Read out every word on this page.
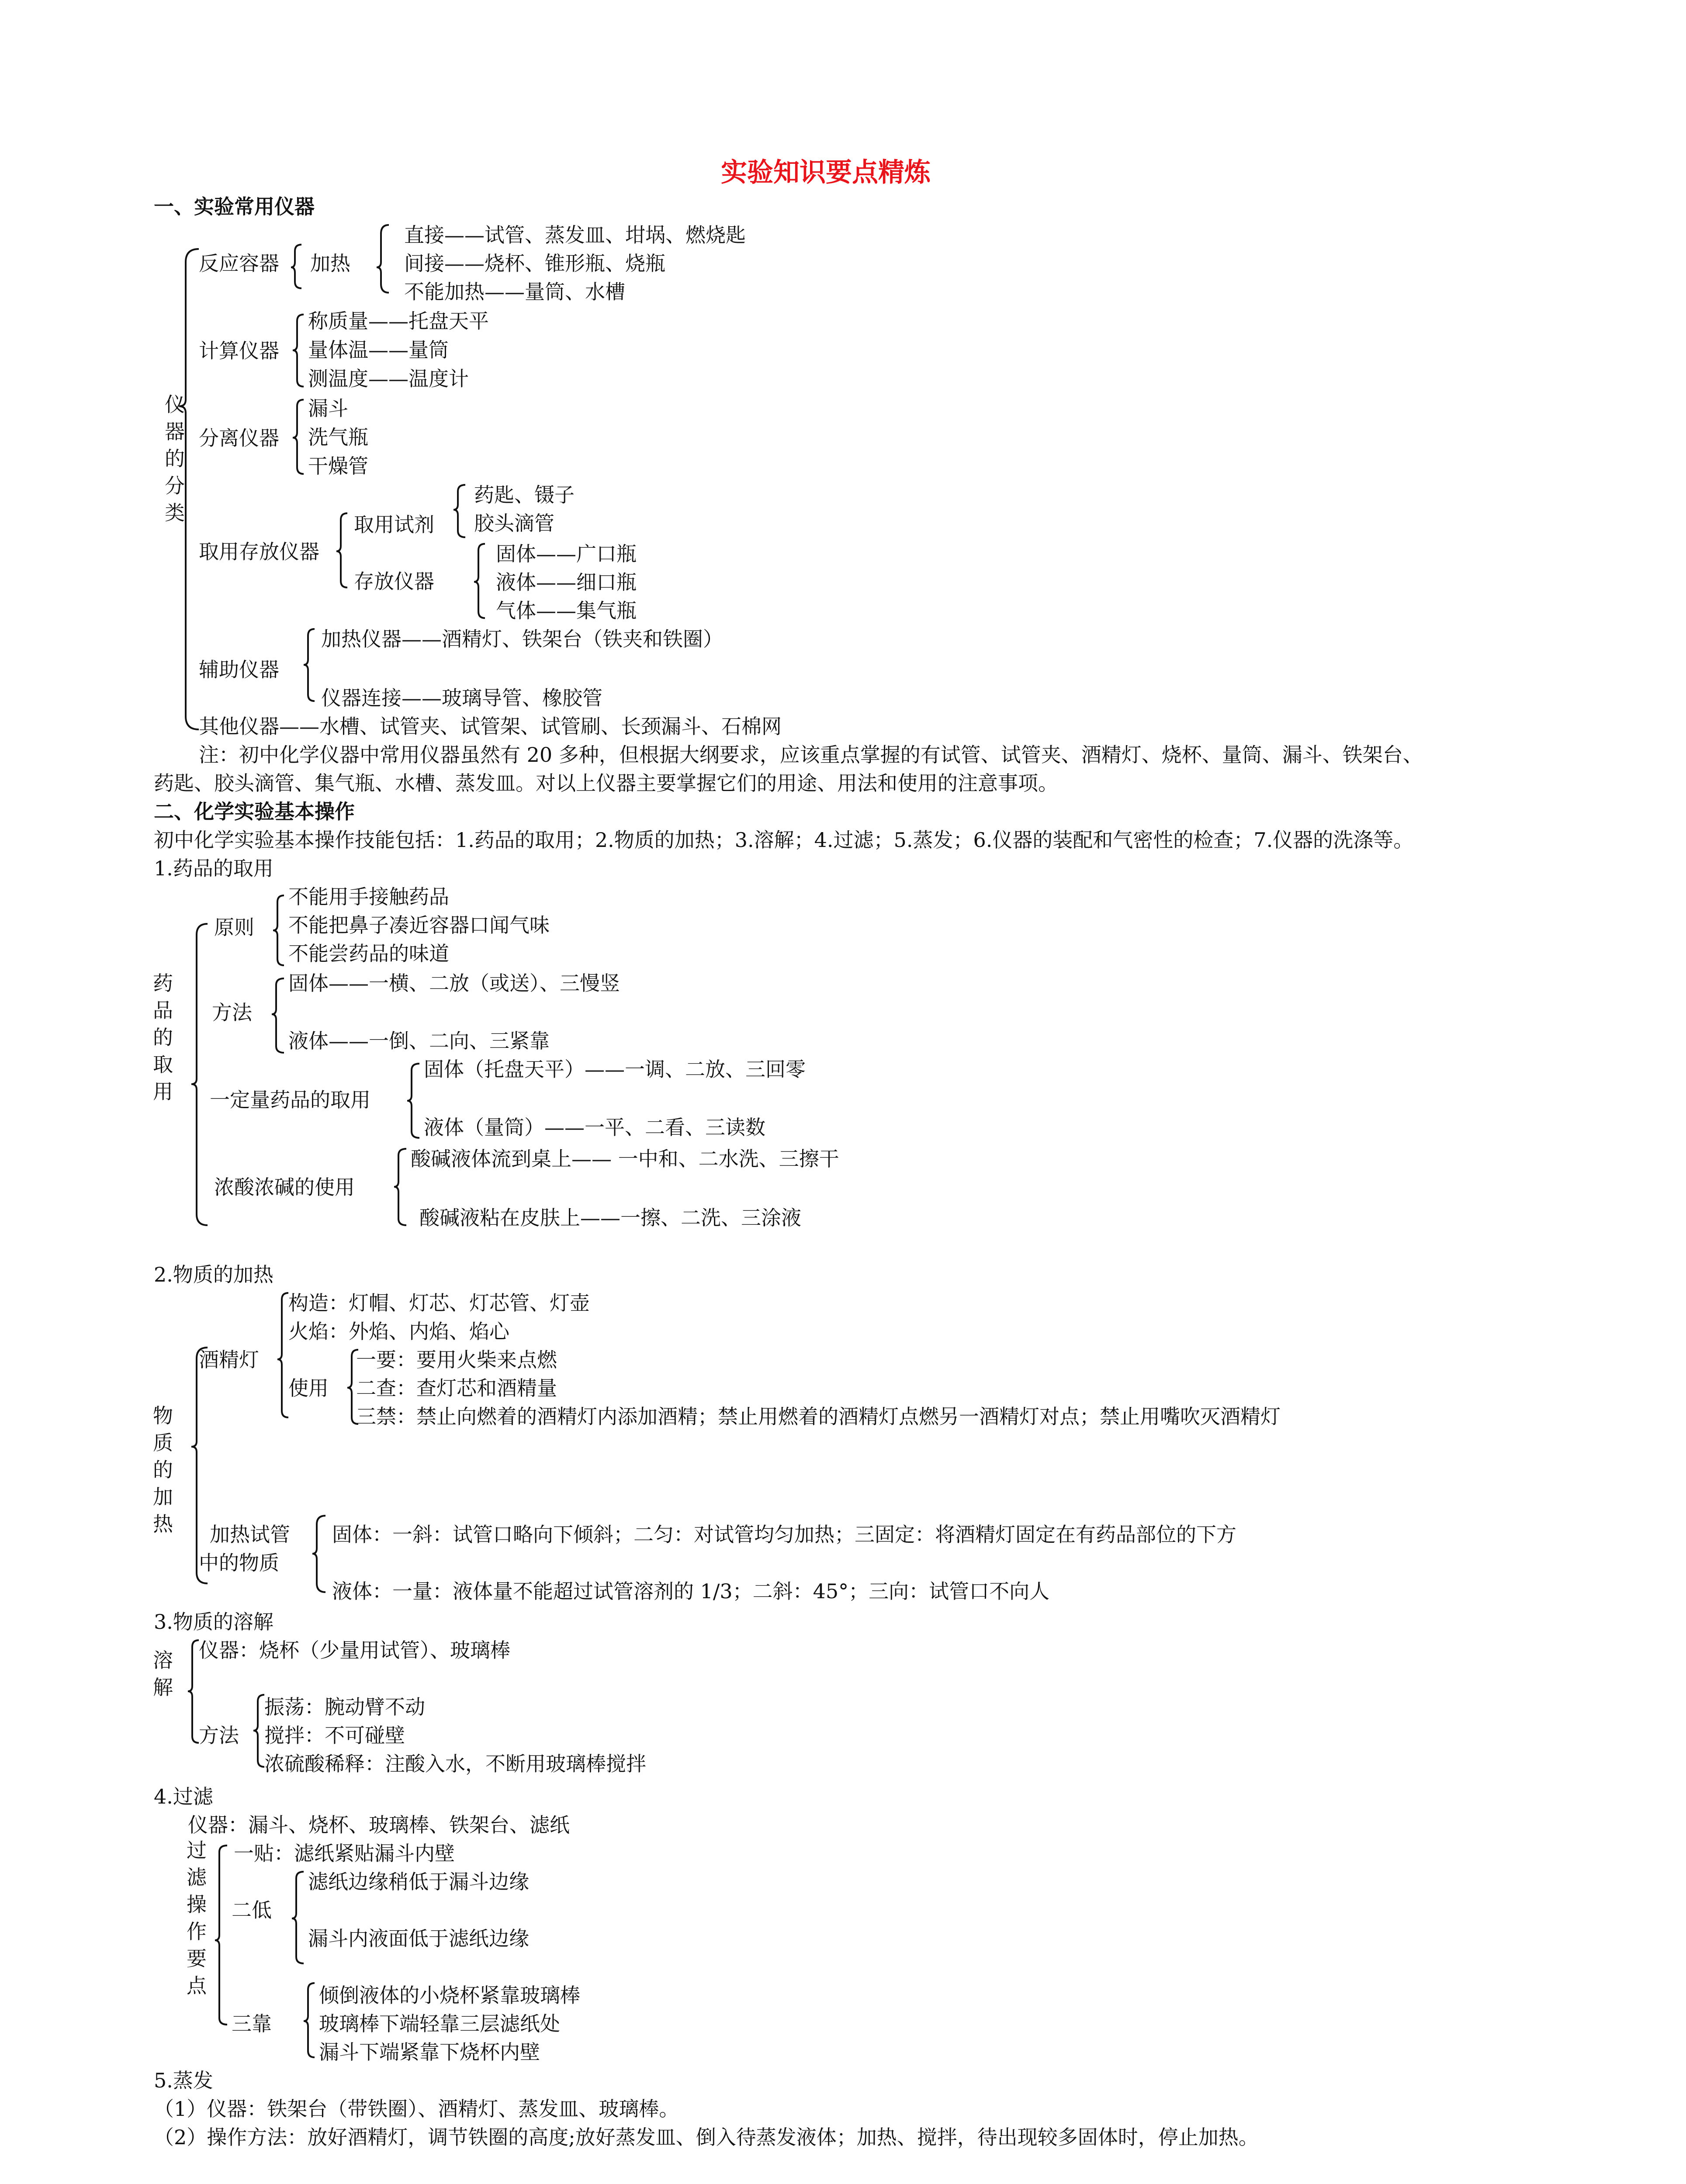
实验知识要点精炼
一、实验常用仪器
仪器的分类
反应容器 加热
直接——试管、蒸发皿、坩埚、燃烧匙
间接——烧杯、锥形瓶、烧瓶
不能加热——量筒、水槽
计算仪器
称质量——托盘天平
量体温——量筒
测温度——温度计
分离仪器
漏斗
洗气瓶
干燥管
取用存放仪器
取用试剂
药匙、镊子
胶头滴管
存放仪器
固体——广口瓶
液体——细口瓶
气体——集气瓶
辅助仪器
加热仪器——酒精灯、铁架台（铁夹和铁圈）
仪器连接——玻璃导管、橡胶管
其他仪器——水槽、试管夹、试管架、试管刷、长颈漏斗、石棉网
注：初中化学仪器中常用仪器虽然有 20 多种，但根据大纲要求，应该重点掌握的有试管、试管夹、酒精灯、烧杯、量筒、漏斗、铁架台、
药匙、胶头滴管、集气瓶、水槽、蒸发皿。对以上仪器主要掌握它们的用途、用法和使用的注意事项。
二、化学实验基本操作
初中化学实验基本操作技能包括：1.药品的取用；2.物质的加热；3.溶解；4.过滤；5.蒸发；6.仪器的装配和气密性的检查；7.仪器的洗涤等。
1.药品的取用
药品的取用
原则
不能用手接触药品
不能把鼻子凑近容器口闻气味
不能尝药品的味道
方法
固体——一横、二放（或送）、三慢竖
液体——一倒、二向、三紧靠
一定量药品的取用
固体（托盘天平）——一调、二放、三回零
液体（量筒）——一平、二看、三读数
浓酸浓碱的使用
酸碱液体流到桌上—— 一中和、二水洗、三擦干
酸碱液粘在皮肤上——一擦、二洗、三涂液
2.物质的加热
物质的加热
酒精灯
构造：灯帽、灯芯、灯芯管、灯壶
火焰：外焰、内焰、焰心
使用
一要：要用火柴来点燃
二查：查灯芯和酒精量
三禁：禁止向燃着的酒精灯内添加酒精；禁止用燃着的酒精灯点燃另一酒精灯对点；禁止用嘴吹灭酒精灯
加热试管
中的物质
固体：一斜：试管口略向下倾斜；二匀：对试管均匀加热；三固定：将酒精灯固定在有药品部位的下方
液体：一量：液体量不能超过试管溶剂的 1/3；二斜：45°；三向：试管口不向人
3.物质的溶解
溶解
仪器：烧杯（少量用试管）、玻璃棒
方法
振荡：腕动臂不动
搅拌：不可碰壁
浓硫酸稀释：注酸入水，不断用玻璃棒搅拌
4.过滤
仪器：漏斗、烧杯、玻璃棒、铁架台、滤纸
过滤操作要点
一贴：滤纸紧贴漏斗内壁
二低
滤纸边缘稍低于漏斗边缘
漏斗内液面低于滤纸边缘
三靠
倾倒液体的小烧杯紧靠玻璃棒
玻璃棒下端轻靠三层滤纸处
漏斗下端紧靠下烧杯内壁
5.蒸发
（1）仪器：铁架台（带铁圈）、酒精灯、蒸发皿、玻璃棒。
（2）操作方法：放好酒精灯，调节铁圈的高度;放好蒸发皿、倒入待蒸发液体；加热、搅拌，待出现较多固体时，停止加热。
